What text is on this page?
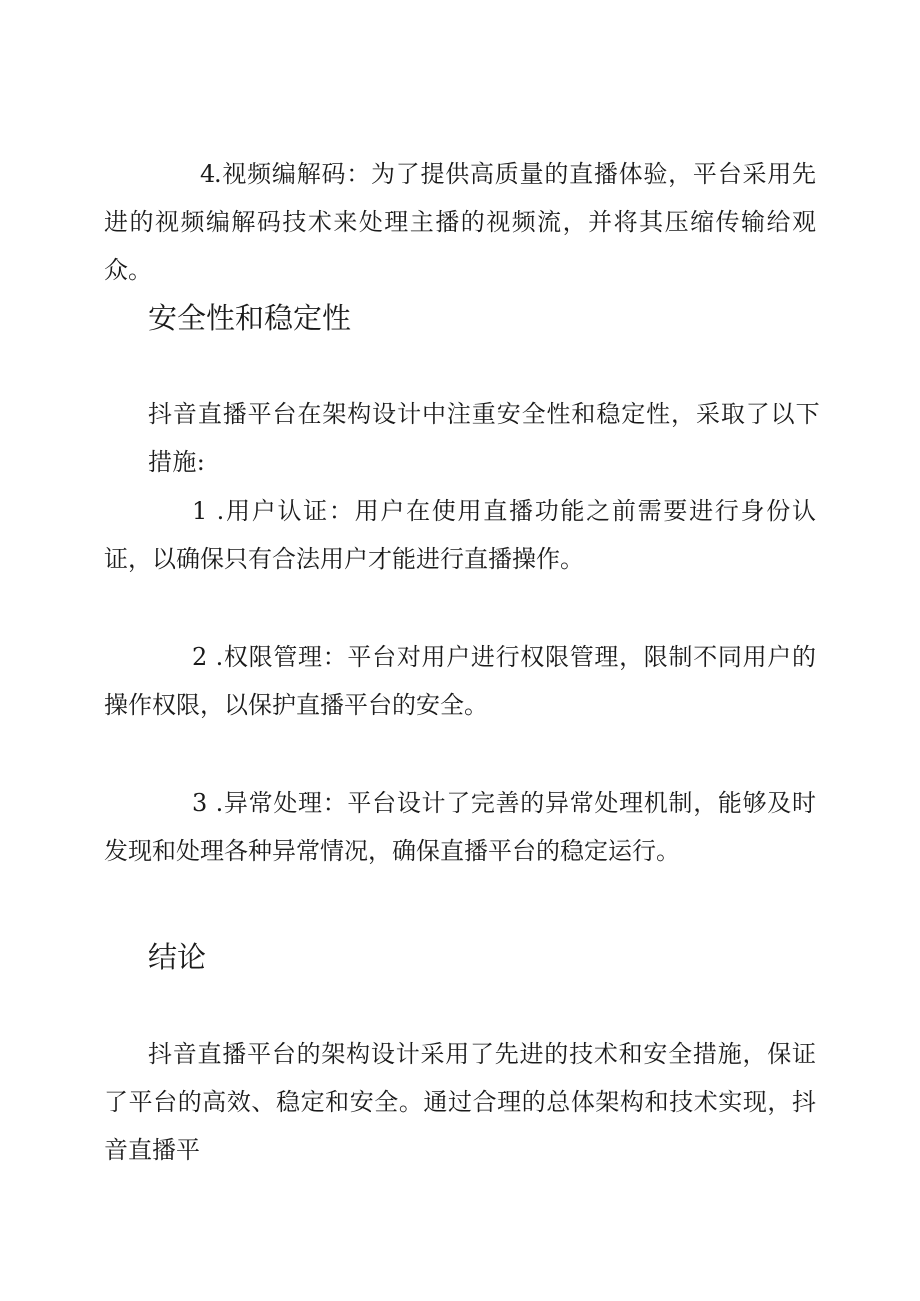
4.视频编解码：为了提供高质量的直播体验，平台采用先进的视频编解码技术来处理主播的视频流，并将其压缩传输给观众。

安全性和稳定性

抖音直播平台在架构设计中注重安全性和稳定性，采取了以下措施:

1 .用户认证：用户在使用直播功能之前需要进行身份认证，以确保只有合法用户才能进行直播操作。

2 .权限管理：平台对用户进行权限管理，限制不同用户的操作权限，以保护直播平台的安全。

3 .异常处理：平台设计了完善的异常处理机制，能够及时发现和处理各种异常情况，确保直播平台的稳定运行。

结论

抖音直播平台的架构设计采用了先进的技术和安全措施，保证了平台的高效、稳定和安全。通过合理的总体架构和技术实现，抖音直播平
